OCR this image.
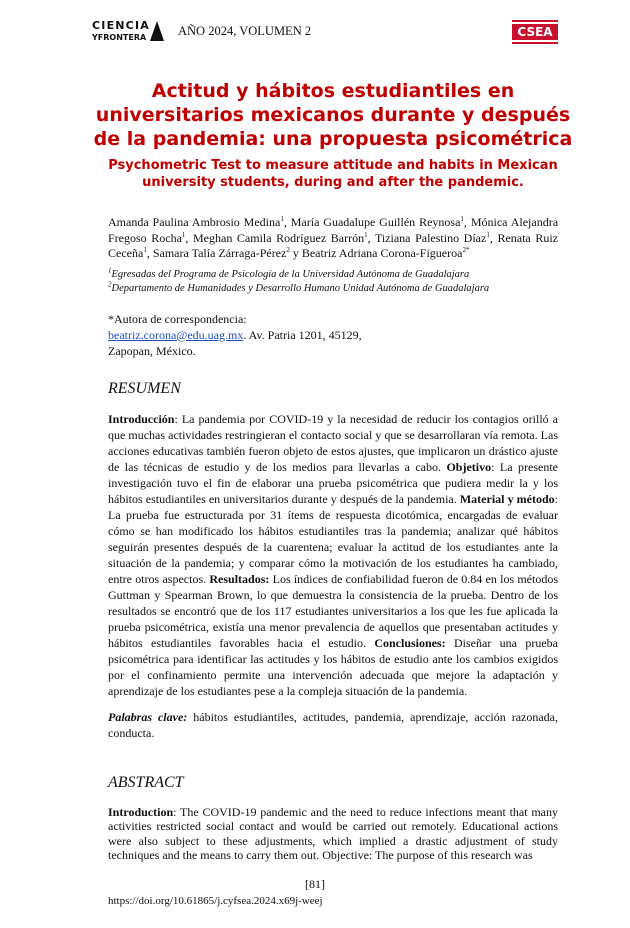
CIENCIA
YFRONTERA	AÑO 2024, VOLUMEN 2	CSEA
Actitud y hábitos estudiantiles en universitarios mexicanos durante y después de la pandemia: una propuesta psicométrica
Psychometric Test to measure attitude and habits in Mexican university students, during and after the pandemic.
Amanda Paulina Ambrosio Medina$^1$, María Guadalupe Guillén Reynosa$^1$, Mónica Alejandra Fregoso Rocha$^1$, Meghan Camila Rodríguez Barrón$^1$, Tiziana Palestino Díaz$^1$, Renata Ruiz Ceceña$^1$, Samara Talía Zárraga-Pérez$^2$ y Beatriz Adriana Corona-Figueroa$^{2*}$
$^1$Egresadas del Programa de Psicología de la Universidad Autónoma de Guadalajara
$^2$Departamento de Humanidades y Desarrollo Humano Unidad Autónoma de Guadalajara
*Autora de correspondencia:
beatriz.corona@edu.uag.mx. Av. Patria 1201, 45129,
Zapopan, México.
RESUMEN

Introducción: La pandemia por COVID-19 y la necesidad de reducir los contagios orilló a que muchas actividades restringieran el contacto social y que se desarrollaran vía remota. Las acciones educativas también fueron objeto de estos ajustes, que implicaron un drástico ajuste de las técnicas de estudio y de los medios para llevarlas a cabo. Objetivo: La presente investigación tuvo el fin de elaborar una prueba psicométrica que pudiera medir la y los hábitos estudiantiles en universitarios durante y después de la pandemia. Material y método: La prueba fue estructurada por 31 ítems de respuesta dicotómica, encargadas de evaluar cómo se han modificado los hábitos estudiantiles tras la pandemia; analizar qué hábitos seguirán presentes después de la cuarentena; evaluar la actitud de los estudiantes ante la situación de la pandemia; y comparar cómo la motivación de los estudiantes ha cambiado, entre otros aspectos. Resultados: Los índices de confiabilidad fueron de 0.84 en los métodos Guttman y Spearman Brown, lo que demuestra la consistencia de la prueba. Dentro de los resultados se encontró que de los 117 estudiantes universitarios a los que les fue aplicada la prueba psicométrica, existía una menor prevalencia de aquellos que presentaban actitudes y hábitos estudiantiles favorables hacia el estudio. Conclusiones: Diseñar una prueba psicométrica para identificar las actitudes y los hábitos de estudio ante los cambios exigidos por el confinamiento permite una intervención adecuada que mejore la adaptación y aprendizaje de los estudiantes pese a la compleja situación de la pandemia.

Palabras clave: hábitos estudiantiles, actitudes, pandemia, aprendizaje, acción razonada, conducta.

ABSTRACT

Introduction: The COVID-19 pandemic and the need to reduce infections meant that many activities restricted social contact and would be carried out remotely. Educational actions were also subject to these adjustments, which implied a drastic adjustment of study techniques and the means to carry them out. Objective: The purpose of this research was

[81]
https://doi.org/10.61865/j.cyfsea.2024.x69j-weej
